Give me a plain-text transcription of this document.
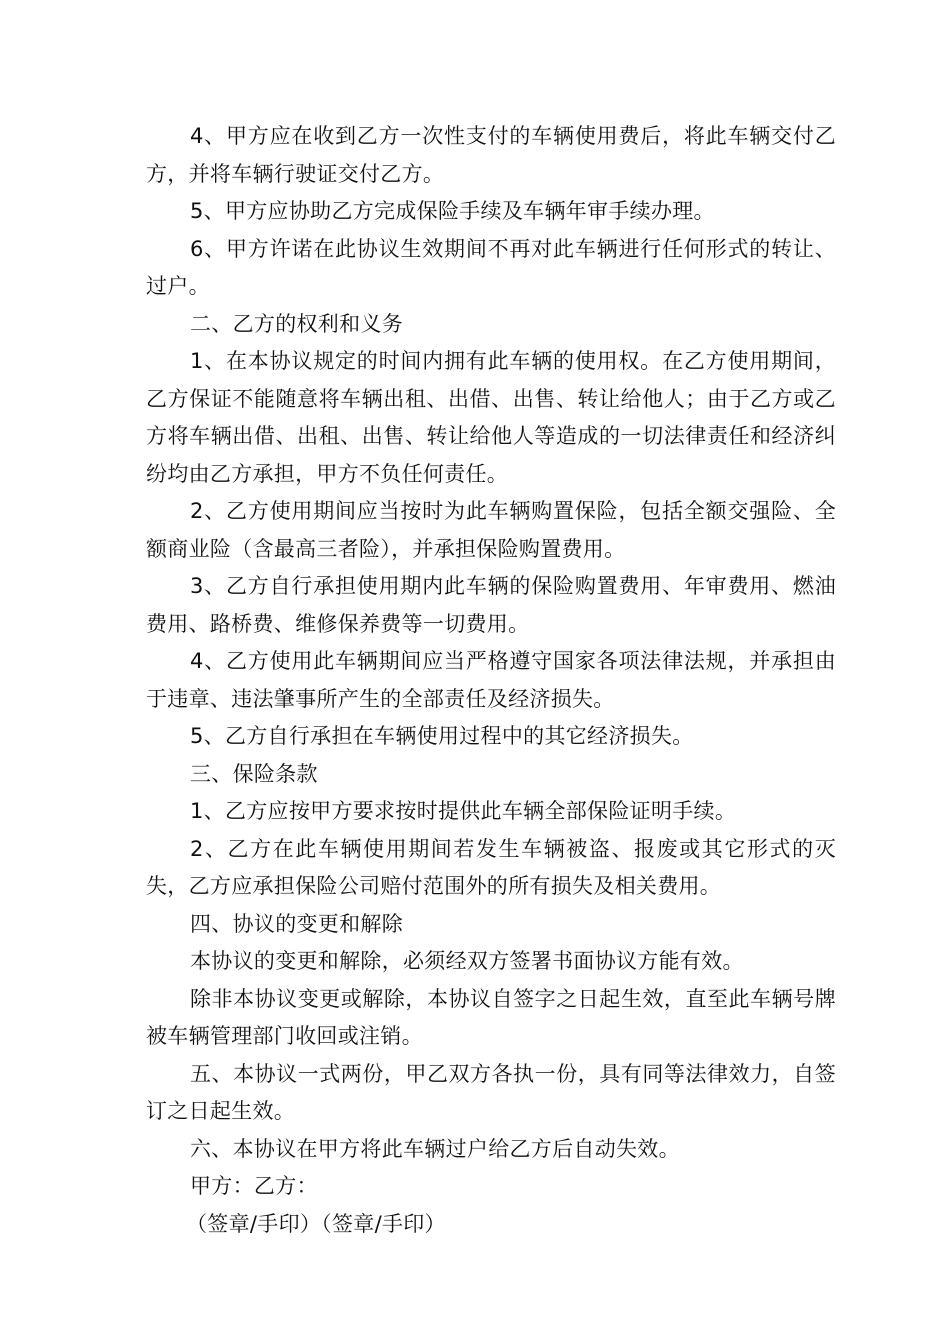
4、甲方应在收到乙方一次性支付的车辆使用费后，将此车辆交付乙方，并将车辆行驶证交付乙方。

5、甲方应协助乙方完成保险手续及车辆年审手续办理。

6、甲方许诺在此协议生效期间不再对此车辆进行任何形式的转让、过户。

二、乙方的权利和义务

1、在本协议规定的时间内拥有此车辆的使用权。在乙方使用期间，乙方保证不能随意将车辆出租、出借、出售、转让给他人；由于乙方或乙方将车辆出借、出租、出售、转让给他人等造成的一切法律责任和经济纠纷均由乙方承担，甲方不负任何责任。

2、乙方使用期间应当按时为此车辆购置保险，包括全额交强险、全额商业险（含最高三者险），并承担保险购置费用。

3、乙方自行承担使用期内此车辆的保险购置费用、年审费用、燃油费用、路桥费、维修保养费等一切费用。

4、乙方使用此车辆期间应当严格遵守国家各项法律法规，并承担由于违章、违法肇事所产生的全部责任及经济损失。

5、乙方自行承担在车辆使用过程中的其它经济损失。

三、保险条款

1、乙方应按甲方要求按时提供此车辆全部保险证明手续。

2、乙方在此车辆使用期间若发生车辆被盗、报废或其它形式的灭失，乙方应承担保险公司赔付范围外的所有损失及相关费用。

四、协议的变更和解除

本协议的变更和解除，必须经双方签署书面协议方能有效。

除非本协议变更或解除，本协议自签字之日起生效，直至此车辆号牌被车辆管理部门收回或注销。

五、本协议一式两份，甲乙双方各执一份，具有同等法律效力，自签订之日起生效。

六、本协议在甲方将此车辆过户给乙方后自动失效。

甲方：乙方：

（签章/手印）（签章/手印）
